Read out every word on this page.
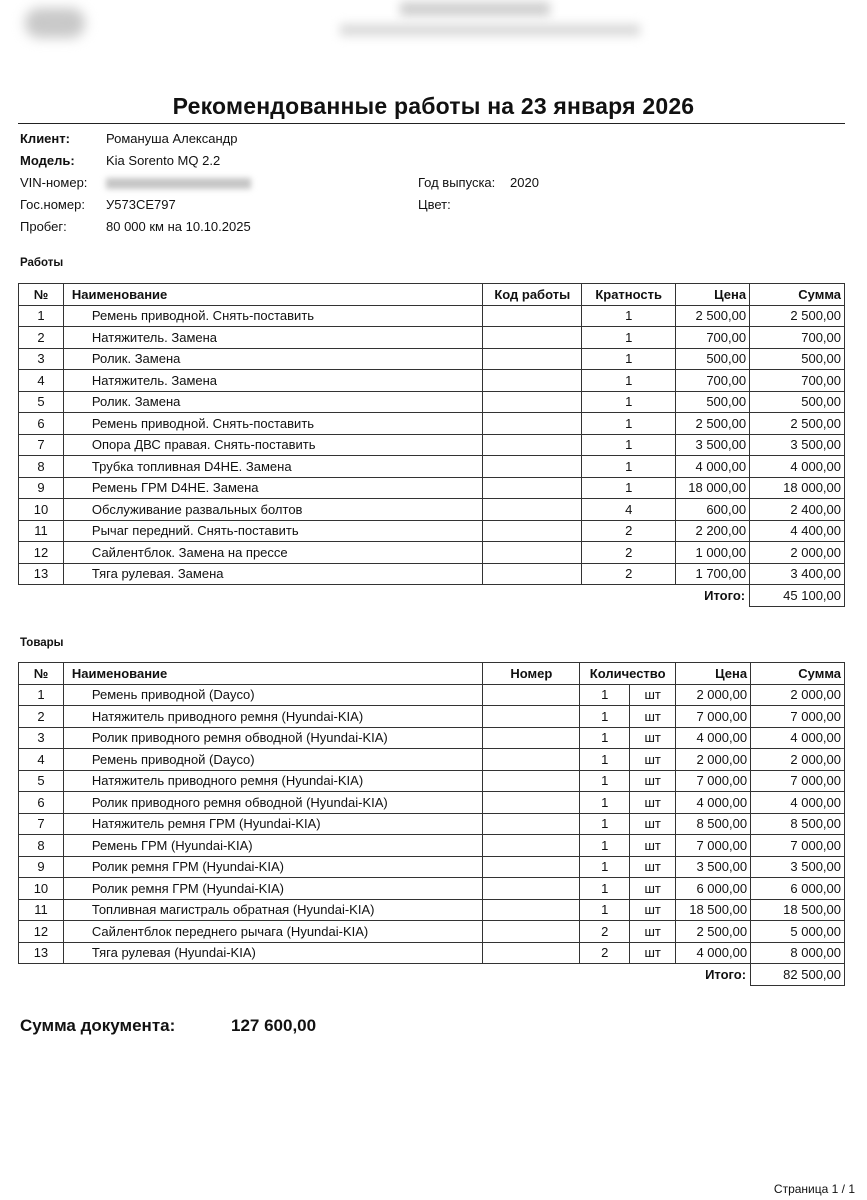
Рекомендованные работы на 23 января 2026
Клиент:	Романуша Александр
Модель: Kia Sorento MQ 2.2
VIN-номер:	Год выпуска: 2020
Гос.номер: У573СЕ797	Цвет:
Пробег:	80 000 км на 10.10.2025
Работы
№	Наименование	Код работы	Кратность	Цена	Сумма
1	Ремень приводной. Снять-поставить		1	2 500,00	2 500,00
2	Натяжитель. Замена		1	700,00	700,00
3	Ролик. Замена		1	500,00	500,00
4	Натяжитель. Замена		1	700,00	700,00
5	Ролик. Замена		1	500,00	500,00
6	Ремень приводной. Снять-поставить		1	2 500,00	2 500,00
7	Опора ДВС правая. Снять-поставить		1	3 500,00	3 500,00
8	Трубка топливная D4HE. Замена		1	4 000,00	4 000,00
9	Ремень ГРМ D4HE. Замена		1	18 000,00	18 000,00
10	Обслуживание развальных болтов		4	600,00	2 400,00
11	Рычаг передний. Снять-поставить		2	2 200,00	4 400,00
12	Сайлентблок. Замена на прессе		2	1 000,00	2 000,00
13	Тяга рулевая. Замена		2	1 700,00	3 400,00
				Итого:	45 100,00
Товары
№	Наименование	Номер	Количество		Цена	Сумма
1	Ремень приводной (Dayco)		1	шт	2 000,00	2 000,00
2	Натяжитель приводного ремня (Hyundai-KIA)		1	шт	7 000,00	7 000,00
3	Ролик приводного ремня обводной (Hyundai-KIA)		1	шт	4 000,00	4 000,00
4	Ремень приводной (Dayco)		1	шт	2 000,00	2 000,00
5	Натяжитель приводного ремня (Hyundai-KIA)		1	шт	7 000,00	7 000,00
6	Ролик приводного ремня обводной (Hyundai-KIA)		1	шт	4 000,00	4 000,00
7	Натяжитель ремня ГРМ (Hyundai-KIA)		1	шт	8 500,00	8 500,00
8	Ремень ГРМ (Hyundai-KIA)		1	шт	7 000,00	7 000,00
9	Ролик ремня ГРМ (Hyundai-KIA)		1	шт	3 500,00	3 500,00
10	Ролик ремня ГРМ (Hyundai-KIA)		1	шт	6 000,00	6 000,00
11	Топливная магистраль обратная (Hyundai-KIA)		1	шт	18 500,00	18 500,00
12	Сайлентблок переднего рычага (Hyundai-KIA)		2	шт	2 500,00	5 000,00
13	Тяга рулевая (Hyundai-KIA)		2	шт	4 000,00	8 000,00
					Итого:	82 500,00
Сумма документа:	127 600,00
Страница 1 / 1
